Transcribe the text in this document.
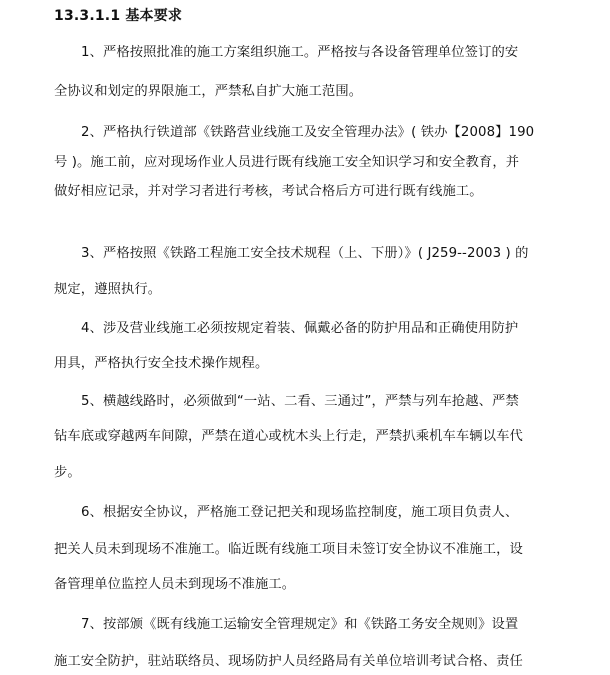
13.3.1.1 基本要求
1、严格按照批准的施工方案组织施工。严格按与各设备管理单位签订的安
全协议和划定的界限施工，严禁私自扩大施工范围。
2、严格执行铁道部《铁路营业线施工及安全管理办法》( 铁办【2008】190
号 )。施工前，应对现场作业人员进行既有线施工安全知识学习和安全教育，并
做好相应记录，并对学习者进行考核，考试合格后方可进行既有线施工。
3、严格按照《铁路工程施工安全技术规程（上、下册）》( J259--2003 ) 的
规定，遵照执行。
4、涉及营业线施工必须按规定着装、佩戴必备的防护用品和正确使用防护
用具，严格执行安全技术操作规程。
5、横越线路时，必须做到“一站、二看、三通过”，严禁与列车抢越、严禁
钻车底或穿越两车间隙，严禁在道心或枕木头上行走，严禁扒乘机车车辆以车代
步。
6、根据安全协议，严格施工登记把关和现场监控制度，施工项目负责人、
把关人员未到现场不准施工。临近既有线施工项目未签订安全协议不准施工，设
备管理单位监控人员未到现场不准施工。
7、按部颁《既有线施工运输安全管理规定》和《铁路工务安全规则》设置
施工安全防护，驻站联络员、现场防护人员经路局有关单位培训考试合格、责任
